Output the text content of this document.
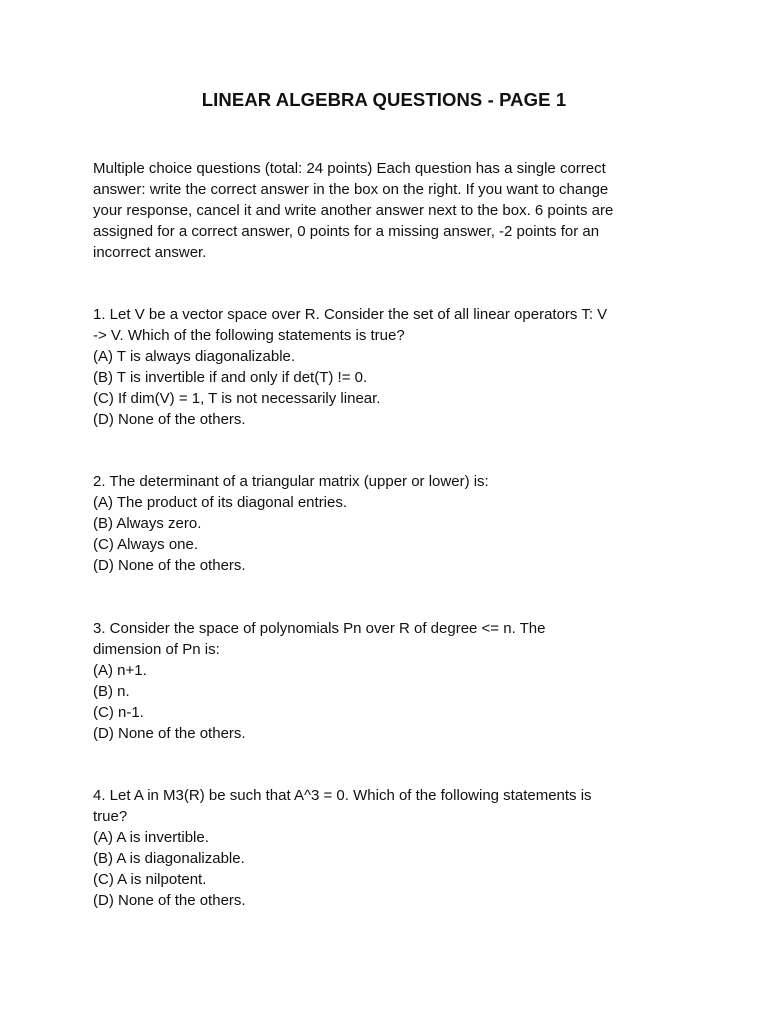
LINEAR ALGEBRA QUESTIONS - PAGE 1
Multiple choice questions (total: 24 points) Each question has a single correct
answer: write the correct answer in the box on the right. If you want to change
your response, cancel it and write another answer next to the box. 6 points are
assigned for a correct answer, 0 points for a missing answer, -2 points for an
incorrect answer.
1. Let V be a vector space over R. Consider the set of all linear operators T: V
-> V. Which of the following statements is true?
(A) T is always diagonalizable.
(B) T is invertible if and only if det(T) != 0.
(C) If dim(V) = 1, T is not necessarily linear.
(D) None of the others.
2. The determinant of a triangular matrix (upper or lower) is:
(A) The product of its diagonal entries.
(B) Always zero.
(C) Always one.
(D) None of the others.
3. Consider the space of polynomials Pn over R of degree <= n. The
dimension of Pn is:
(A) n+1.
(B) n.
(C) n-1.
(D) None of the others.
4. Let A in M3(R) be such that A^3 = 0. Which of the following statements is
true?
(A) A is invertible.
(B) A is diagonalizable.
(C) A is nilpotent.
(D) None of the others.
